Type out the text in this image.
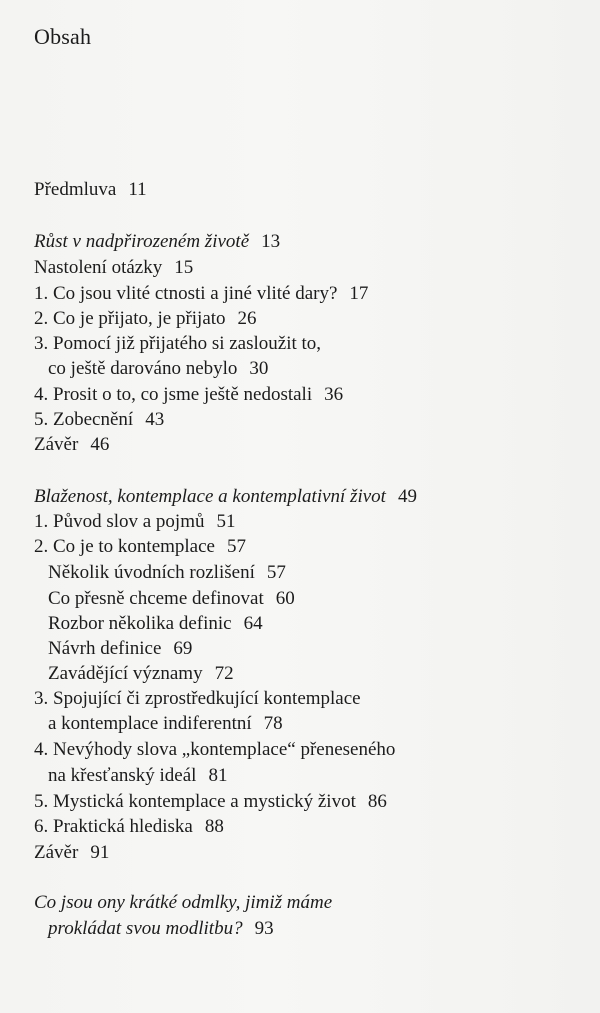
Obsah
Předmluva 11
Růst v nadpřirozeném životě 13
Nastolení otázky 15
1. Co jsou vlité ctnosti a jiné vlité dary? 17
2. Co je přijato, je přijato 26
3. Pomocí již přijatého si zasloužit to,
co ještě darováno nebylo 30
4. Prosit o to, co jsme ještě nedostali 36
5. Zobecnění 43
Závěr 46
Blaženost, kontemplace a kontemplativní život 49
1. Původ slov a pojmů 51
2. Co je to kontemplace 57
Několik úvodních rozlišení 57
Co přesně chceme definovat 60
Rozbor několika definic 64
Návrh definice 69
Zavádějící významy 72
3. Spojující či zprostředkující kontemplace
a kontemplace indiferentní 78
4. Nevýhody slova „kontemplace“ přeneseného
na křesťanský ideál 81
5. Mystická kontemplace a mystický život 86
6. Praktická hlediska 88
Závěr 91
Co jsou ony krátké odmlky, jimiž máme
prokládat svou modlitbu? 93
